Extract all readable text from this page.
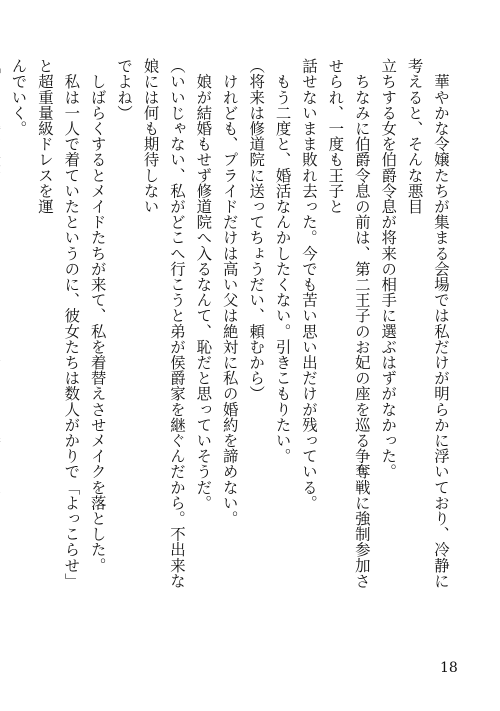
　華やかな令嬢たちが集まる会場では私だけが明らかに浮いており、冷静に考えると、そんな悪目

立ちする女を伯爵令息が将来の相手に選ぶはずがなかった。

　ちなみに伯爵令息の前は、第二王子のお妃の座を巡る争奪戦に強制参加させられ、一度も王子と

話せないまま敗れ去った。今でも苦い思い出だけが残っている。

　もう二度と、婚活なんかしたくない。引きこもりたい。

（将来は修道院に送ってちょうだい、頼むから）

　けれども、プライドだけは高い父は絶対に私の婚約を諦めない。

　娘が結婚もせず修道院へ入るなんて、恥だと思っていそうだ。

（いいじゃない、私がどこへ行こうと弟が侯爵家を継ぐんだから。不出来な娘には何も期待しない

でよね）

　しばらくするとメイドたちが来て、私を着替えさせメイクを落とした。

　私は一人で着ていたというのに、彼女たちは数人がかりで「よっこらせ」と超重量級ドレスを運

んでいく。

18
